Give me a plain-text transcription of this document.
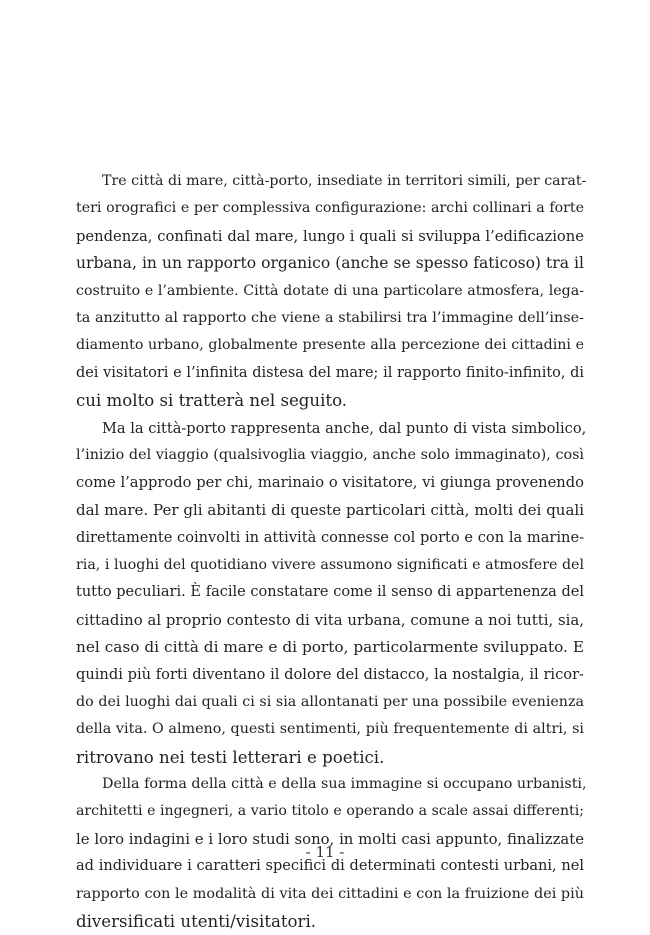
Tre città di mare, città-porto, insediate in territori simili, per carat-
teri orografici e per complessiva configurazione: archi collinari a forte
pendenza, confinati dal mare, lungo i quali si sviluppa l’edificazione
urbana, in un rapporto organico (anche se spesso faticoso) tra il
costruito e l’ambiente. Città dotate di una particolare atmosfera, lega-
ta anzitutto al rapporto che viene a stabilirsi tra l’immagine dell’inse-
diamento urbano, globalmente presente alla percezione dei cittadini e
dei visitatori e l’infinita distesa del mare; il rapporto finito-infinito, di
cui molto si tratterà nel seguito.
Ma la città-porto rappresenta anche, dal punto di vista simbolico,
l’inizio del viaggio (qualsivoglia viaggio, anche solo immaginato), così
come l’approdo per chi, marinaio o visitatore, vi giunga provenendo
dal mare. Per gli abitanti di queste particolari città, molti dei quali
direttamente coinvolti in attività connesse col porto e con la marine-
ria, i luoghi del quotidiano vivere assumono significati e atmosfere del
tutto peculiari. È facile constatare come il senso di appartenenza del
cittadino al proprio contesto di vita urbana, comune a noi tutti, sia,
nel caso di città di mare e di porto, particolarmente sviluppato. E
quindi più forti diventano il dolore del distacco, la nostalgia, il ricor-
do dei luoghi dai quali ci si sia allontanati per una possibile evenienza
della vita. O almeno, questi sentimenti, più frequentemente di altri, si
ritrovano nei testi letterari e poetici.
Della forma della città e della sua immagine si occupano urbanisti,
architetti e ingegneri, a vario titolo e operando a scale assai differenti;
le loro indagini e i loro studi sono, in molti casi appunto, finalizzate
ad individuare i caratteri specifici di determinati contesti urbani, nel
rapporto con le modalità di vita dei cittadini e con la fruizione dei più
diversificati utenti/visitatori.
- 11 -
